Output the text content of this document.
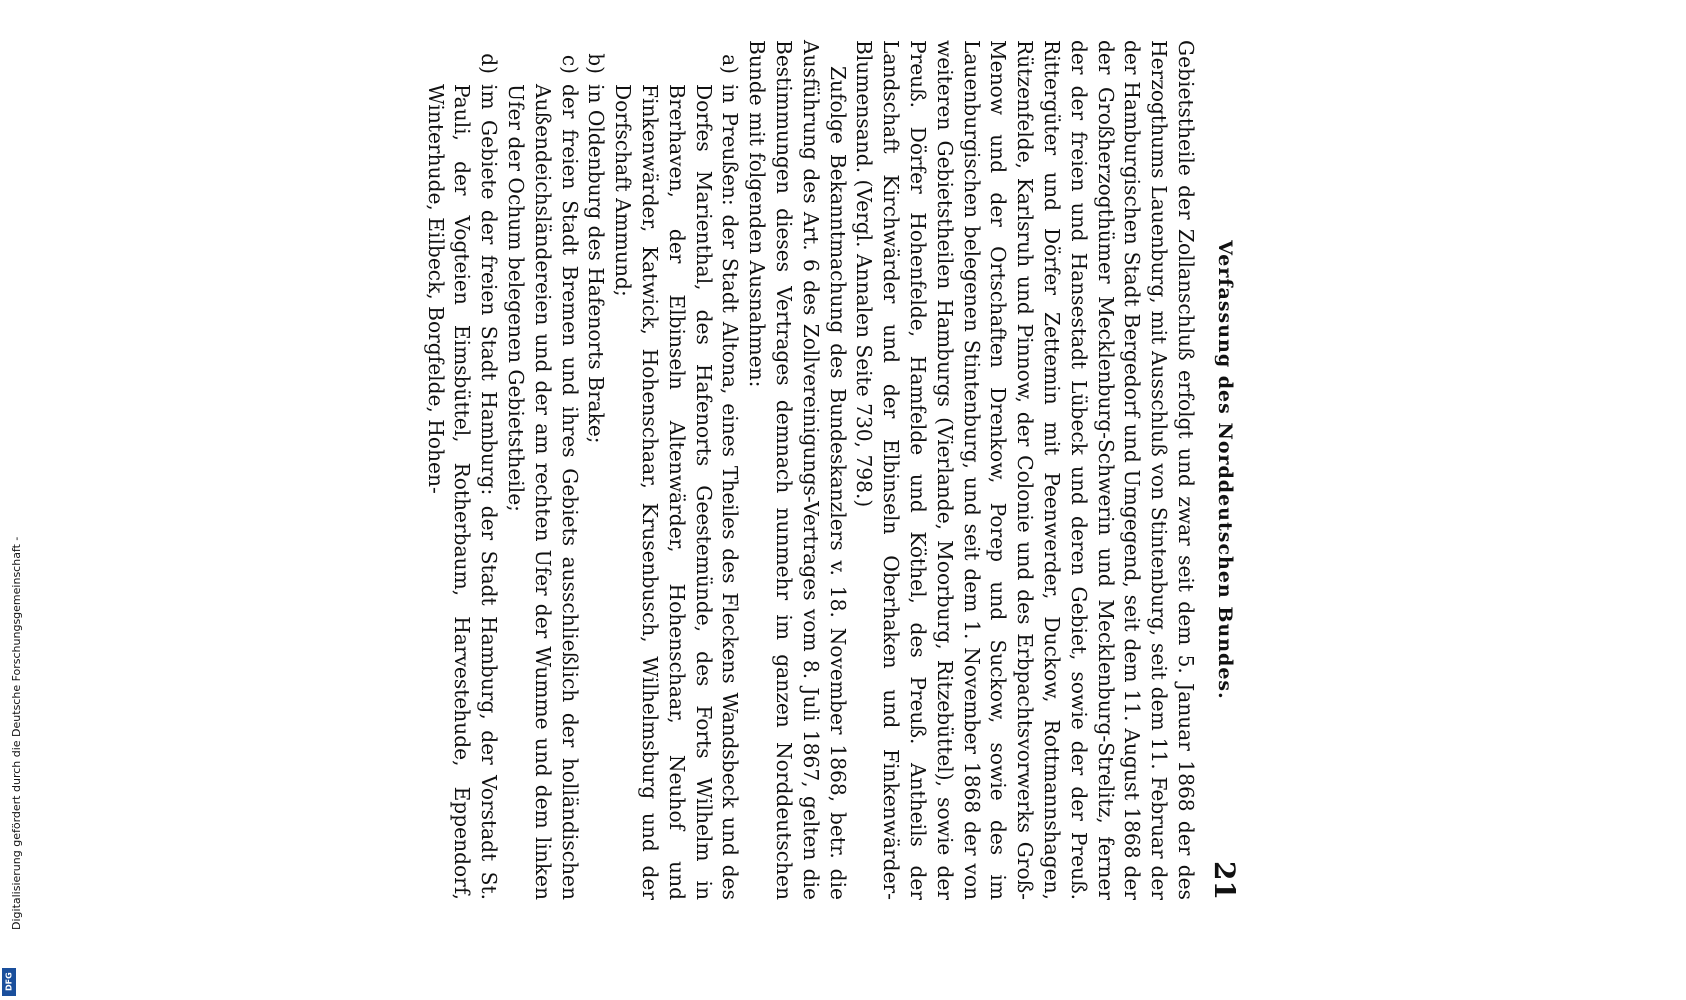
Digitalisierung gefördert durch die Deutsche Forschungsgemeinschaft -
DFG
Verfassung des Norddeutschen Bundes.
21

Gebietstheile der Zollanschluß erfolgt und zwar seit dem 5. Januar 1868 der des Herzogthums Lauenburg, mit Ausschluß von Stintenburg, seit dem 11. Februar der der Hamburgischen Stadt Bergedorf und Umgegend, seit dem 11. August 1868 der der Großherzogthümer Mecklenburg-Schwerin und Mecklenburg-Strelitz, ferner der der freien und Hansestadt Lübeck und deren Gebiet, sowie der der Preuß. Rittergüter und Dörfer Zettemin mit Peenwerder, Duckow, Rottmannshagen, Rützenfelde, Karlsruh und Pinnow, der Colonie und des Erbpachtsvorwerks Groß-Menow und der Ortschaften Drenkow, Porep und Suckow, sowie des im Lauenburgischen belegenen Stintenburg, und seit dem 1. November 1868 der von weiteren Gebietstheilen Hamburgs (Vierlande, Moorburg, Ritzebüttel), sowie der Preuß. Dörfer Hohenfelde, Hamfelde und Köthel, des Preuß. Antheils der Landschaft Kirchwärder und der Elbinseln Oberhaken und Finkenwärder-Blumensand. (Vergl. Annalen Seite 730, 798.)

Zufolge Bekanntmachung des Bundeskanzlers v. 18. November 1868, betr. die Ausführung des Art. 6 des Zollvereinigungs-Vertrages vom 8. Juli 1867, gelten die Bestimmungen dieses Vertrages demnach nunmehr im ganzen Norddeutschen Bunde mit folgenden Ausnahmen:

a)
in Preußen: der Stadt Altona, eines Theiles des Fleckens Wandsbeck und des Dorfes Marienthal, des Hafenorts Geestemünde, des Forts Wilhelm in Brerhaven, der Elbinseln Altenwärder, Hohenschaar, Neuhof und Finkenwärder, Katwick, Hohenschaar, Krusenbusch, Wilhelmsburg und der Dorfschaft Ammund;
b)
in Oldenburg des Hafenorts Brake;
c)
der freien Stadt Bremen und ihres Gebiets ausschließlich der holländischen Außendeichsländereien und der am rechten Ufer der Wumme und dem linken Ufer der Ochum belegenen Gebietstheile;
d)
im Gebiete der freien Stadt Hamburg: der Stadt Hamburg, der Vorstadt St. Pauli, der Vogteien Eimsbüttel, Rotherbaum, Harvestehude, Eppendorf, Winterhude, Eilbeck, Borgfelde, Hohen-
